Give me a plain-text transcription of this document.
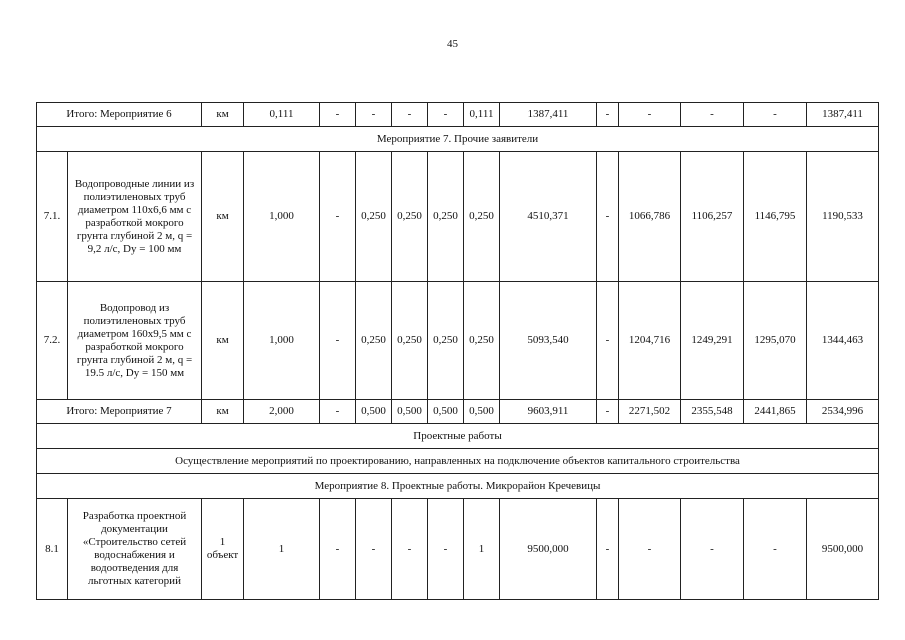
45
Итого: Мероприятие 6		км	0,111	-	-	-	-	0,111	1387,411	-	-	-	-	1387,411
Мероприятие 7. Прочие заявители														
7.1.	Водопроводные линии из полиэтиленовых труб диаметром 110х6,6 мм с разработкой мокрого грунта глубиной 2 м, q = 9,2 л/с, Dy = 100 мм	км	1,000	-	0,250	0,250	0,250	0,250	4510,371	-	1066,786	1106,257	1146,795	1190,533
7.2.	Водопровод из полиэтиленовых труб диаметром 160х9,5 мм с разработкой мокрого грунта глубиной 2 м, q = 19.5 л/с, Dy = 150 мм	км	1,000	-	0,250	0,250	0,250	0,250	5093,540	-	1204,716	1249,291	1295,070	1344,463
Итого: Мероприятие 7		км	2,000	-	0,500	0,500	0,500	0,500	9603,911	-	2271,502	2355,548	2441,865	2534,996
Проектные работы														
Осуществление мероприятий по проектированию, направленных на подключение объектов капитального строительства														
Мероприятие 8. Проектные работы. Микрорайон Кречевицы														
8.1	Разработка проектной документации «Строительство сетей водоснабжения и водоотведения для льготных категорий	1 объект	1	-	-	-	-	1	9500,000	-	-	-	-	9500,000
